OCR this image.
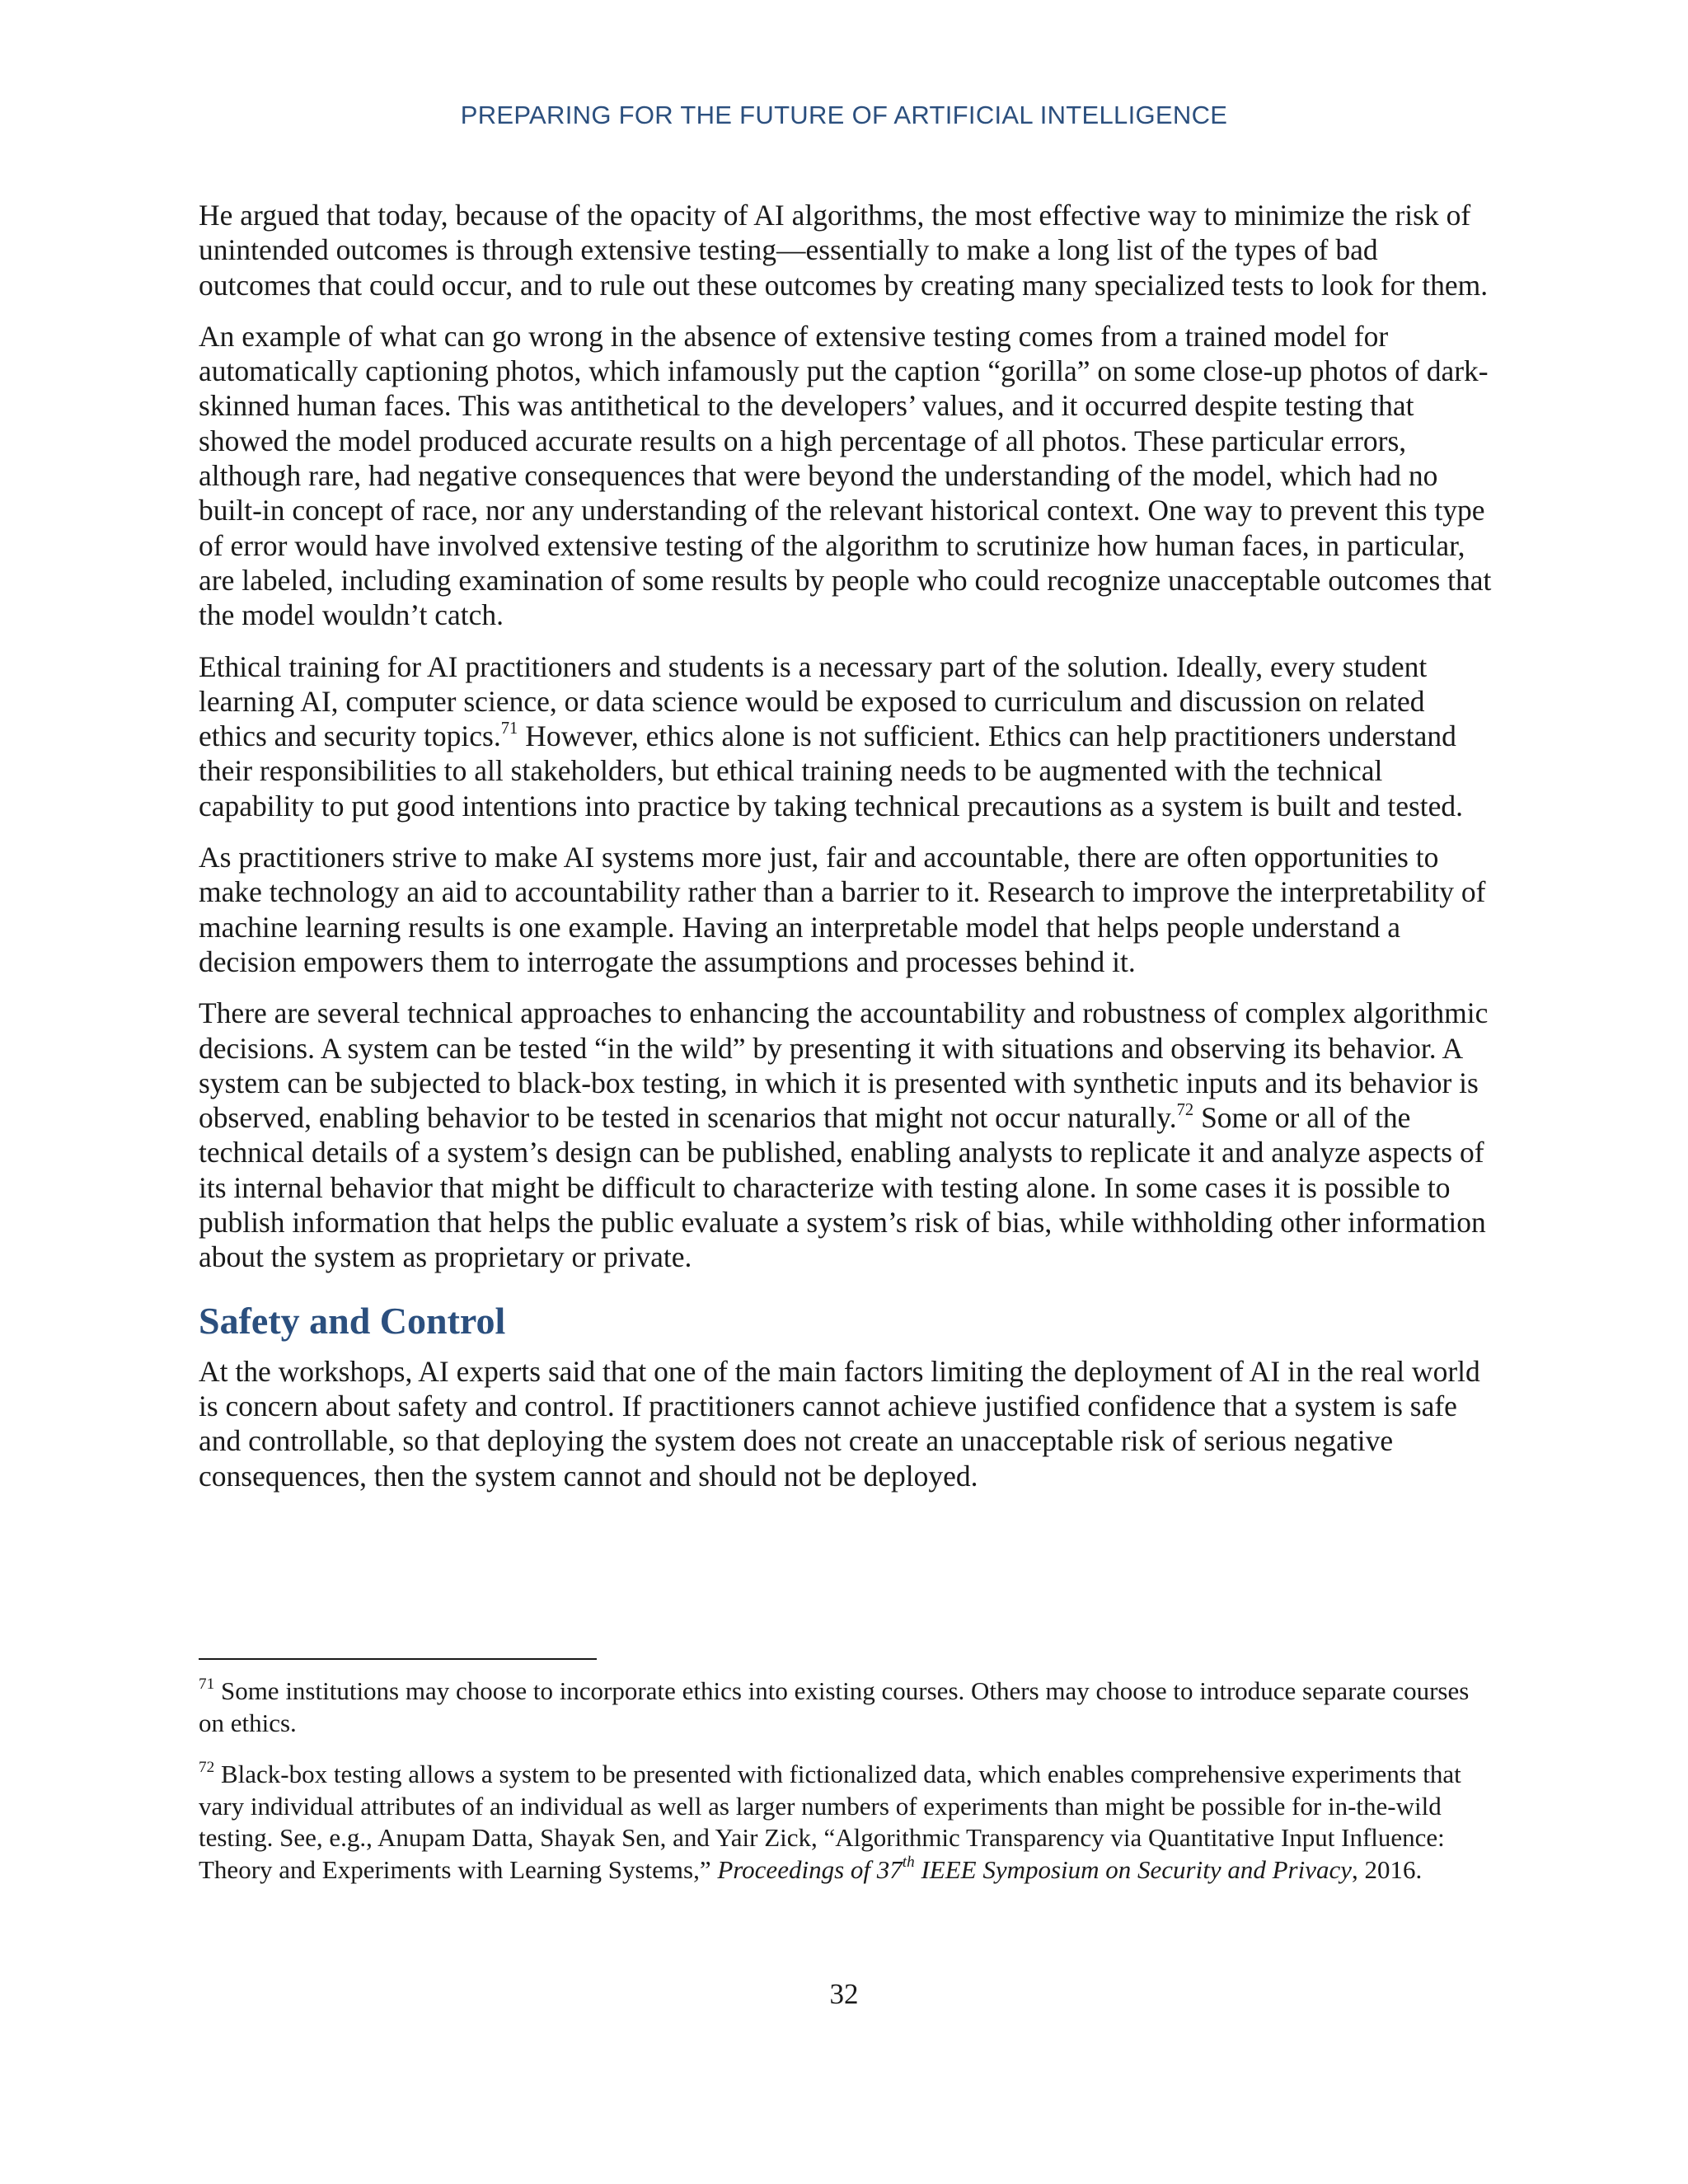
PREPARING FOR THE FUTURE OF ARTIFICIAL INTELLIGENCE

He argued that today, because of the opacity of AI algorithms, the most effective way to minimize the risk of unintended outcomes is through extensive testing—essentially to make a long list of the types of bad outcomes that could occur, and to rule out these outcomes by creating many specialized tests to look for them.

An example of what can go wrong in the absence of extensive testing comes from a trained model for automatically captioning photos, which infamously put the caption “gorilla” on some close-up photos of dark-skinned human faces. This was antithetical to the developers’ values, and it occurred despite testing that showed the model produced accurate results on a high percentage of all photos. These particular errors, although rare, had negative consequences that were beyond the understanding of the model, which had no built-in concept of race, nor any understanding of the relevant historical context. One way to prevent this type of error would have involved extensive testing of the algorithm to scrutinize how human faces, in particular, are labeled, including examination of some results by people who could recognize unacceptable outcomes that the model wouldn’t catch.

Ethical training for AI practitioners and students is a necessary part of the solution. Ideally, every student learning AI, computer science, or data science would be exposed to curriculum and discussion on related ethics and security topics.$^{71}$ However, ethics alone is not sufficient. Ethics can help practitioners understand their responsibilities to all stakeholders, but ethical training needs to be augmented with the technical capability to put good intentions into practice by taking technical precautions as a system is built and tested.

As practitioners strive to make AI systems more just, fair and accountable, there are often opportunities to make technology an aid to accountability rather than a barrier to it. Research to improve the interpretability of machine learning results is one example. Having an interpretable model that helps people understand a decision empowers them to interrogate the assumptions and processes behind it.

There are several technical approaches to enhancing the accountability and robustness of complex algorithmic decisions. A system can be tested “in the wild” by presenting it with situations and observing its behavior. A system can be subjected to black-box testing, in which it is presented with synthetic inputs and its behavior is observed, enabling behavior to be tested in scenarios that might not occur naturally.$^{72}$ Some or all of the technical details of a system’s design can be published, enabling analysts to replicate it and analyze aspects of its internal behavior that might be difficult to characterize with testing alone. In some cases it is possible to publish information that helps the public evaluate a system’s risk of bias, while withholding other information about the system as proprietary or private.

Safety and Control

At the workshops, AI experts said that one of the main factors limiting the deployment of AI in the real world is concern about safety and control. If practitioners cannot achieve justified confidence that a system is safe and controllable, so that deploying the system does not create an unacceptable risk of serious negative consequences, then the system cannot and should not be deployed.

$^{71}$ Some institutions may choose to incorporate ethics into existing courses. Others may choose to introduce separate courses on ethics.

$^{72}$ Black-box testing allows a system to be presented with fictionalized data, which enables comprehensive experiments that vary individual attributes of an individual as well as larger numbers of experiments than might be possible for in-the-wild testing. See, e.g., Anupam Datta, Shayak Sen, and Yair Zick, “Algorithmic Transparency via Quantitative Input Influence: Theory and Experiments with Learning Systems,” Proceedings of 37th IEEE Symposium on Security and Privacy, 2016.

32
